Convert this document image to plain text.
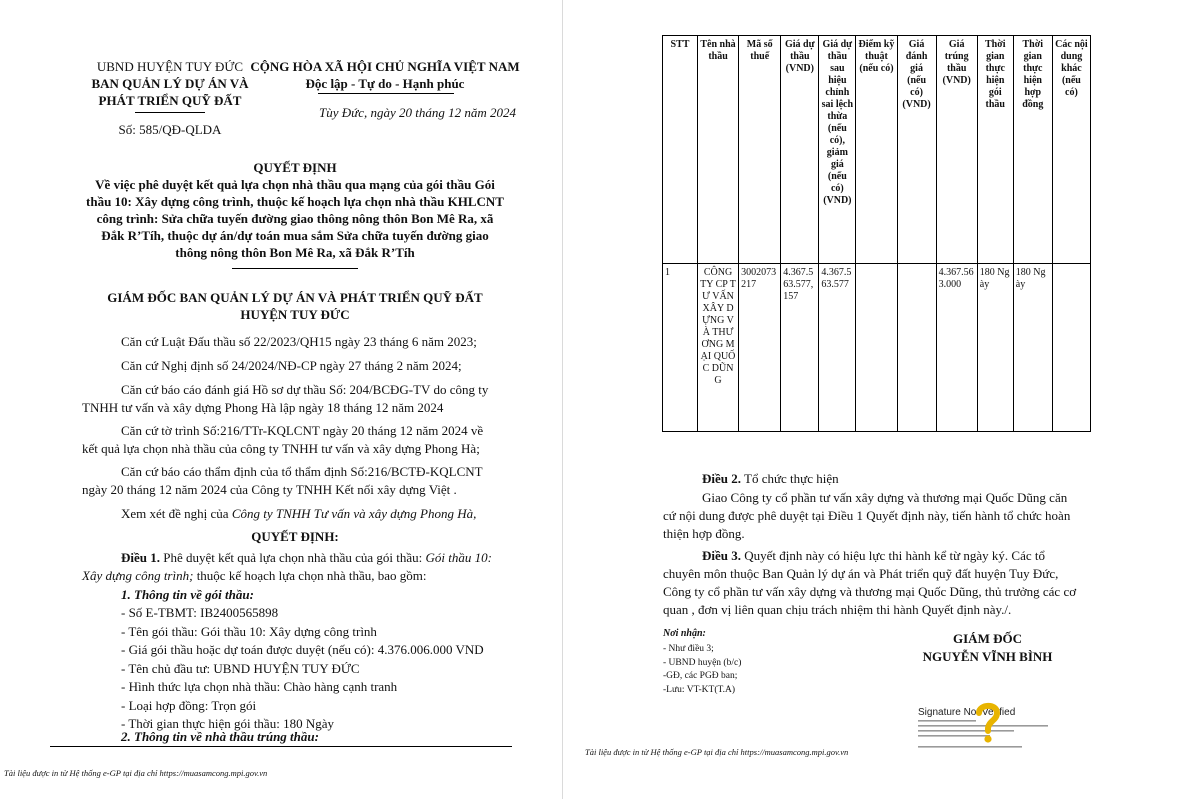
UBND HUYỆN TUY ĐỨC
BAN QUẢN LÝ DỰ ÁN VÀ
PHÁT TRIỂN QUỸ ĐẤT
Số: 585/QĐ-QLDA
CỘNG HÒA XÃ HỘI CHỦ NGHĨA VIỆT NAM
Độc lập - Tự do - Hạnh phúc
Tùy Đức, ngày 20 tháng 12 năm 2024
QUYẾT ĐỊNH
Về việc phê duyệt kết quả lựa chọn nhà thầu qua mạng của gói thầu Gói
thầu 10: Xây dựng công trình, thuộc kế hoạch lựa chọn nhà thầu KHLCNT
công trình: Sửa chữa tuyến đường giao thông nông thôn Bon Mê Ra, xã
Đắk R’Tíh, thuộc dự án/dự toán mua sắm Sửa chữa tuyến đường giao
thông nông thôn Bon Mê Ra, xã Đắk R’Tíh
GIÁM ĐỐC BAN QUẢN LÝ DỰ ÁN VÀ PHÁT TRIỂN QUỸ ĐẤT
HUYỆN TUY ĐỨC
Căn cứ Luật Đấu thầu số 22/2023/QH15 ngày 23 tháng 6 năm 2023;
Căn cứ Nghị định số 24/2024/NĐ-CP ngày 27 tháng 2 năm 2024;
Căn cứ báo cáo đánh giá Hồ sơ dự thầu Số: 204/BCĐG-TV do công ty
TNHH tư vấn và xây dựng Phong Hà lập ngày 18 tháng 12 năm 2024
Căn cứ tờ trình Số:216/TTr-KQLCNT ngày 20 tháng 12 năm 2024 về
kết quả lựa chọn nhà thầu của công ty TNHH tư vấn và xây dựng Phong Hà;
Căn cứ báo cáo thẩm định của tổ thẩm định Số:216/BCTĐ-KQLCNT
ngày 20 tháng 12 năm 2024 của Công ty TNHH Kết nối xây dựng Việt .
Xem xét đề nghị của Công ty TNHH Tư vấn và xây dựng Phong Hà,
QUYẾT ĐỊNH:
Điều 1. Phê duyệt kết quả lựa chọn nhà thầu của gói thầu: Gói thầu 10:
Xây dựng công trình; thuộc kế hoạch lựa chọn nhà thầu, bao gồm:
1. Thông tin về gói thầu:
- Số E-TBMT: IB2400565898
- Tên gói thầu: Gói thầu 10: Xây dựng công trình
- Giá gói thầu hoặc dự toán được duyệt (nếu có): 4.376.006.000 VND
- Tên chủ đầu tư: UBND HUYỆN TUY ĐỨC
- Hình thức lựa chọn nhà thầu: Chào hàng cạnh tranh
- Loại hợp đồng: Trọn gói
- Thời gian thực hiện gói thầu: 180 Ngày
2. Thông tin về nhà thầu trúng thầu:
Tài liệu được in từ Hệ thống e-GP tại địa chỉ https://muasamcong.mpi.gov.vn
STT	Tên nhà thầu	Mã số thuế	Giá dự thầu (VND)	Giá dự thầu sau hiệu chỉnh sai lệch thừa (nếu có), giảm giá (nếu có) (VND)	Điểm kỹ thuật (nếu có)	Giá đánh giá (nếu có) (VND)	Giá trúng thầu (VND)	Thời gian thực hiện gói thầu	Thời gian thực hiện hợp đồng	Các nội dung khác (nếu có)
1	CÔNG TY CP TƯ VẤN XÂY DỰNG VÀ THƯƠNG MẠI QUỐC DŨNG	3002073217	4.367.563.577,157	4.367.563.577			4.367.563.000	180 Ngày	180 Ngày	
Điều 2. Tổ chức thực hiện
Giao Công ty cổ phần tư vấn xây dựng và thương mại Quốc Dũng căn
cứ nội dung được phê duyệt tại Điều 1 Quyết định này, tiến hành tổ chức hoàn
thiện hợp đồng.
Điều 3. Quyết định này có hiệu lực thi hành kể từ ngày ký. Các tổ
chuyên môn thuộc Ban Quản lý dự án và Phát triển quỹ đất huyện Tuy Đức,
Công ty cổ phần tư vấn xây dựng và thương mại Quốc Dũng, thủ trưởng các cơ
quan , đơn vị liên quan chịu trách nhiệm thi hành Quyết định này./.
Nơi nhận:
- Như điều 3;
- UBND huyện (b/c)
-GĐ, các PGĐ ban;
-Lưu: VT-KT(T.A)
GIÁM ĐỐC
NGUYỄN VĨNH BÌNH
Signature Not Verified
Tài liệu được in từ Hệ thống e-GP tại địa chỉ https://muasamcong.mpi.gov.vn
